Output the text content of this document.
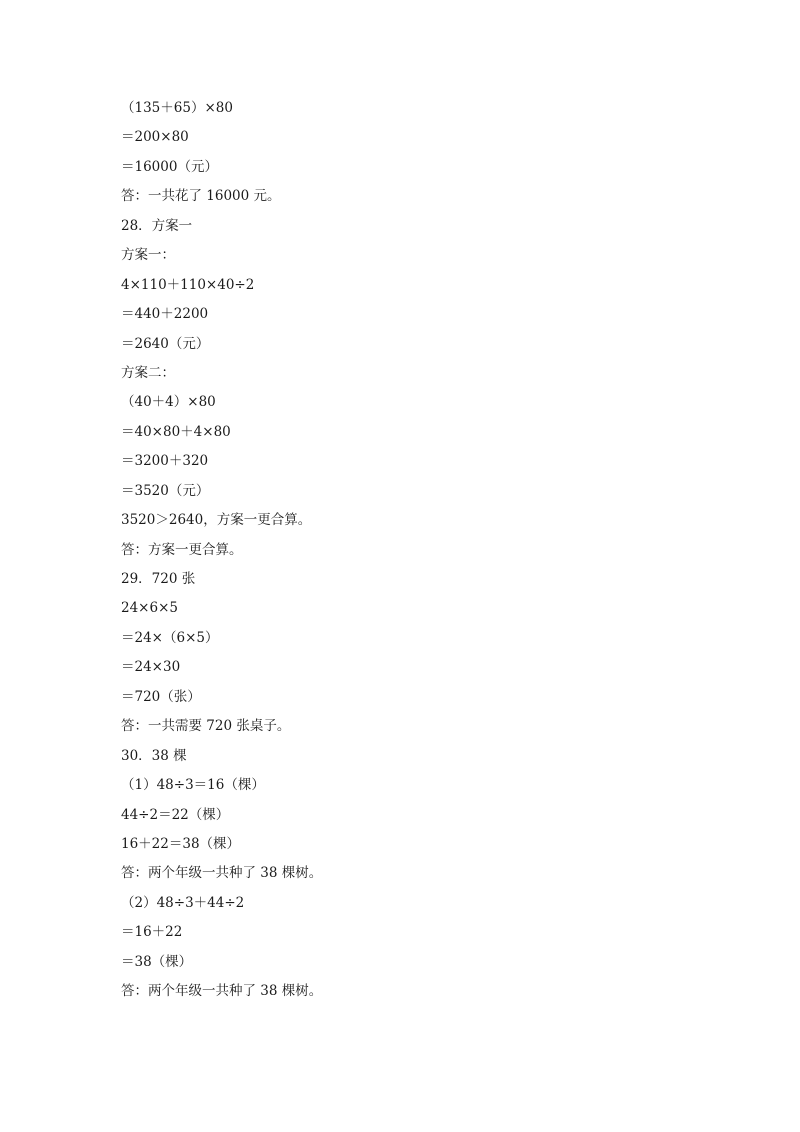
（135＋65）×80
＝200×80
＝16000（元）
答：一共花了 16000 元。
28．方案一
方案一：
4×110＋110×40÷2
＝440＋2200
＝2640（元）
方案二：
（40＋4）×80
＝40×80＋4×80
＝3200＋320
＝3520（元）
3520＞2640，方案一更合算。
答：方案一更合算。
29．720 张
24×6×5
＝24×（6×5）
＝24×30
＝720（张）
答：一共需要 720 张桌子。
30．38 棵
（1）48÷3＝16（棵）
44÷2＝22（棵）
16＋22＝38（棵）
答：两个年级一共种了 38 棵树。
（2）48÷3＋44÷2
＝16＋22
＝38（棵）
答：两个年级一共种了 38 棵树。
